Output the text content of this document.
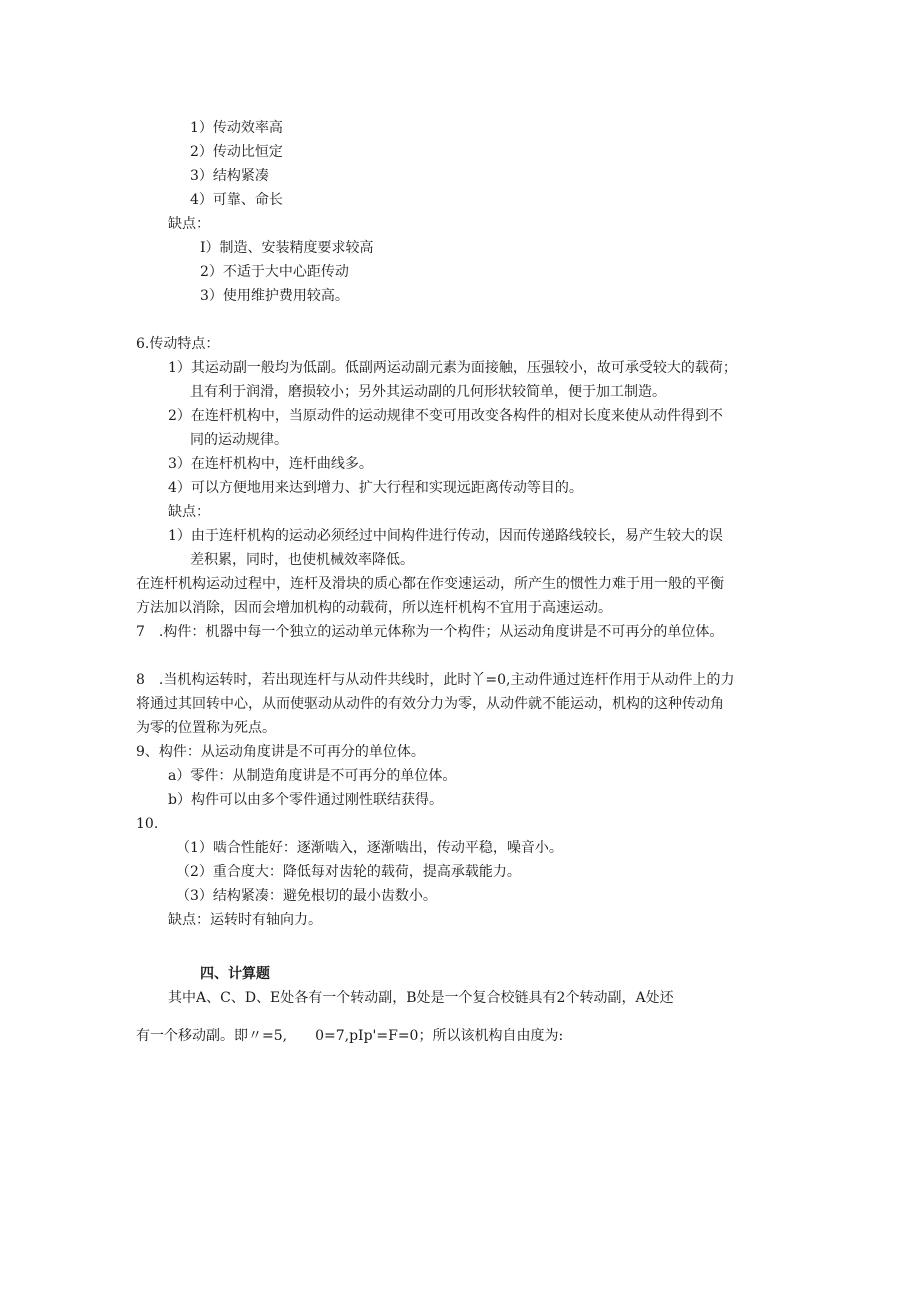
1）传动效率高
2）传动比恒定
3）结构紧凑
4）可靠、命长
缺点：
I）制造、安装精度要求较高
2）不适于大中心距传动
3）使用维护费用较高。
6.传动特点：
1）其运动副一般均为低副。低副两运动副元素为面接触，压强较小，故可承受较大的载荷；
且有利于润滑，磨损较小；另外其运动副的几何形状较简单，便于加工制造。
2）在连杆机构中，当原动件的运动规律不变可用改变各构件的相对长度来使从动件得到不
同的运动规律。
3）在连杆机构中，连杆曲线多。
4）可以方便地用来达到增力、扩大行程和实现远距离传动等目的。
缺点：
1）由于连杆机构的运动必须经过中间构件进行传动，因而传递路线较长，易产生较大的误
差积累，同时，也使机械效率降低。
在连杆机构运动过程中，连杆及滑块的质心都在作变速运动，所产生的惯性力难于用一般的平衡
方法加以消除，因而会增加机构的动载荷，所以连杆机构不宜用于高速运动。
7　.构件：机器中每一个独立的运动单元体称为一个构件；从运动角度讲是不可再分的单位体。
8　.当机构运转时，若出现连杆与从动件共线时，此时丫=0,主动件通过连杆作用于从动件上的力
将通过其回转中心，从而使驱动从动件的有效分力为零，从动件就不能运动，机构的这种传动角
为零的位置称为死点。
9、构件：从运动角度讲是不可再分的单位体。
a）零件：从制造角度讲是不可再分的单位体。
b）构件可以由多个零件通过刚性联结获得。
10.
（1）啮合性能好：逐渐啮入，逐渐啮出，传动平稳，噪音小。
（2）重合度大：降低每对齿轮的载荷，提高承载能力。
（3）结构紧凑：避免根切的最小齿数小。
缺点：运转时有轴向力。
四、计算题
其中A、C、D、E处各有一个转动副，B处是一个复合校链具有2个转动副，A处还
有一个移动副。即〃=5,　　0=7,pIp'=F=0；所以该机构自由度为:
